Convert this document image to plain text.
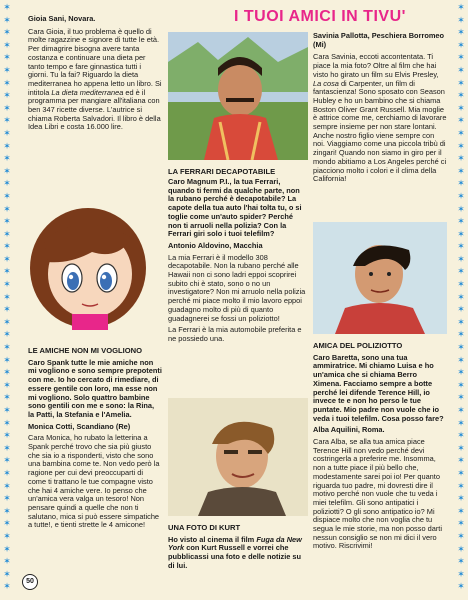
✶
✶
✶
✶
✶
✶
✶
✶
✶
✶
✶
✶
✶
✶
✶
✶
✶
✶
✶
✶
✶
✶
✶
✶
✶
✶
✶
✶
✶
✶
✶
✶
✶
✶
✶
✶
✶
✶
✶
✶
✶
✶
✶
✶
✶
✶
✶
✶
✶
✶
✶
✶
✶
✶
✶
✶
✶
✶
✶
✶
✶
✶
✶
✶
✶
✶
✶
✶
✶
✶
✶
✶
✶
✶
✶
✶
✶
✶
✶
✶
✶
✶
✶
✶
✶
✶
✶
✶
✶
✶
✶
✶
✶
✶
I TUOI AMICI IN TIVU'

Gioia Sani, Novara.

Cara Gioia, il tuo problema è quello di molte ragazzine e signore di tutte le età. Per dimagrire bisogna avere tanta costanza e continuare una dieta per tanto tempo e fare ginnastica tutti i giorni. Tu la fai? Riguardo la dieta mediterranea ho appena letto un libro. Si intitola La dieta mediterranea ed è il programma per mangiare all'italiana con ben 347 ricette diverse. L'autrice si chiama Roberta Salvadori. Il libro è della Idea Libri e costa 16.000 lire.

LE AMICHE NON MI VOGLIONO

Caro Spank tutte le mie amiche non mi vogliono e sono sempre prepotenti con me. Io ho cercato di rimediare, di essere gentile con loro, ma esse non mi vogliono. Solo quattro bambine sono gentili con me e sono: la Rina, la Patti, la Stefania e l'Amelia.

Monica Cotti, Scandiano (Re)

Cara Monica, ho rubato la letterina a Spank perché trovo che sia più giusto che sia io a risponderti, visto che sono una bambina come te. Non vedo però la ragione per cui devi preoccuparti di come ti trattano le tue compagne visto che hai 4 amiche vere. Io penso che un'amica vera valga un tesoro! Non pensare quindi a quelle che non ti salutano, mica si può essere simpatiche a tutte!, e tienti strette le 4 amicone!

LA FERRARI DECAPOTABILE

Caro Magnum P.I., la tua Ferrari, quando ti fermi da qualche parte, non la rubano perché è decapotabile? La capote della tua auto l'hai tolta tu, o si toglie come un'auto spider? Perché non ti arruoli nella polizia? Con la Ferrari giri solo i tuoi telefilm?

Antonio Aldovino, Macchia

La mia Ferrari è il modello 308 decapotabile. Non la rubano perché alle Hawaii non ci sono ladri eppoi scoprirei subito chi è stato, sono o no un investigatore? Non mi arruolo nella polizia perché mi piace molto il mio lavoro eppoi guadagno molto di più di quanto guadagnerei se fossi un poliziotto!

La Ferrari è la mia automobile preferita e ne possiedo una.

UNA FOTO DI KURT

Ho visto al cinema il film Fuga da New York con Kurt Russell e vorrei che pubblicassi una foto e delle notizie su di lui.

Savinia Pallotta, Peschiera Borromeo (Mi)

Cara Savinia, eccoti accontentata. Ti piace la mia foto? Oltre al film che hai visto ho girato un film su Elvis Presley, La cosa di Carpenter, un film di fantascienza! Sono sposato con Season Hubley e ho un bambino che si chiama Boston Oliver Grant Russell. Mia moglie è attrice come me, cerchiamo di lavorare sempre insieme per non stare lontani. Anche nostro figlio viene sempre con noi. Viaggiamo come una piccola tribù di zingari! Quando non siamo in giro per il mondo abitiamo a Los Angeles perché ci piacciono molto i colori e il clima della California!

AMICA DEL POLIZIOTTO

Caro Baretta, sono una tua ammiratrice. Mi chiamo Luisa e ho un'amica che si chiama Berro Ximena. Facciamo sempre a botte perché lei difende Terence Hill, io invece te e non ho perso le tue puntate. Mio padre non vuole che io veda i tuoi telefilm. Cosa posso fare?

Alba Aquilini, Roma.

Cara Alba, se alla tua amica piace Terence Hill non vedo perché devi costringerla a preferire me. Insomma, non a tutte piace il più bello che, modestamente sarei poi io! Per quanto riguarda tuo padre, mi dovresti dire il motivo perché non vuole che tu veda i miei telefilm. Gli sono antipatici i poliziotti? O gli sono antipatico io? Mi dispiace molto che non voglia che tu segua le mie storie, ma non posso darti nessun consiglio se non mi dici il vero motivo. Riscrivimi!

50
